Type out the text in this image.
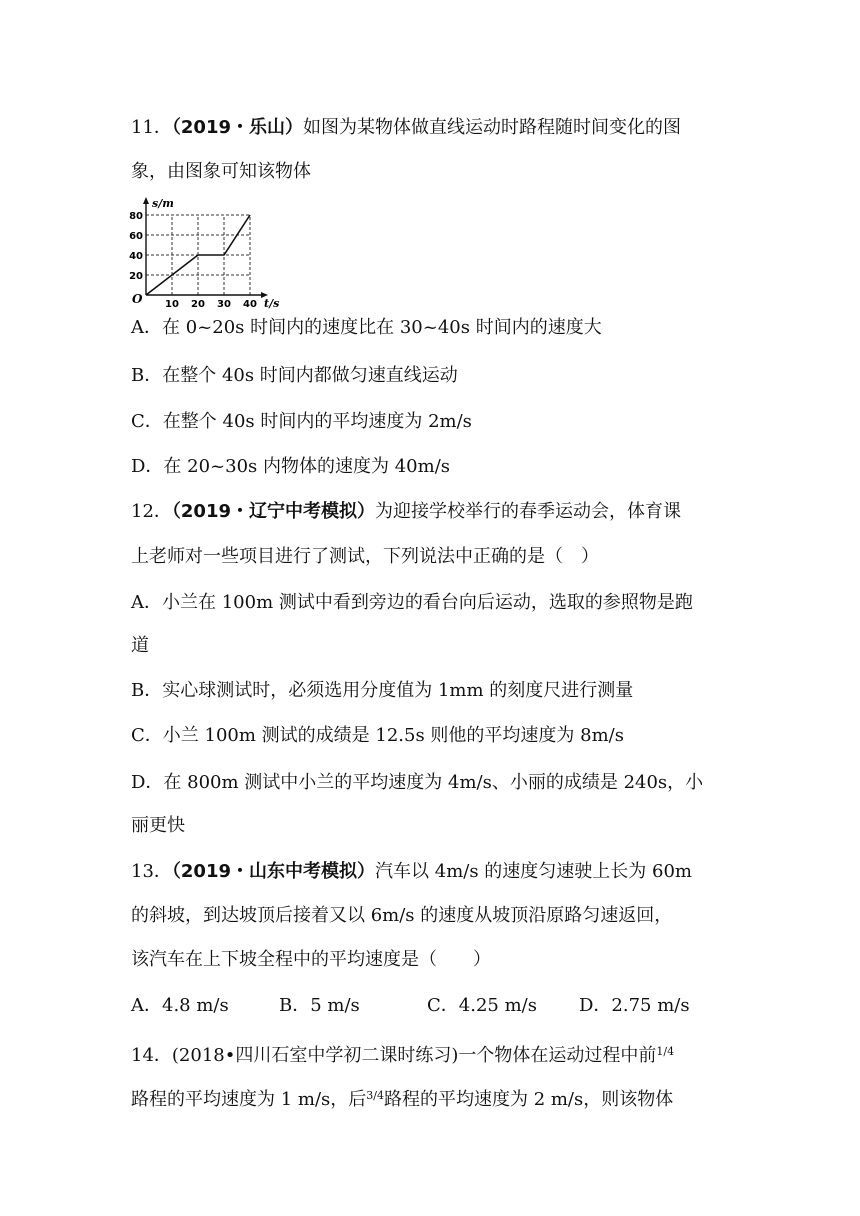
11．（2019・乐山）如图为某物体做直线运动时路程随时间变化的图
象，由图象可知该物体
10 20 30 40
20
40
60
80
s/m
t/s
O
A．在 0~20s 时间内的速度比在 30~40s 时间内的速度大
B．在整个 40s 时间内都做匀速直线运动
C．在整个 40s 时间内的平均速度为 2m/s
D．在 20~30s 内物体的速度为 40m/s
12．（2019・辽宁中考模拟）为迎接学校举行的春季运动会，体育课
上老师对一些项目进行了测试，下列说法中正确的是（　）
A．小兰在 100m 测试中看到旁边的看台向后运动，选取的参照物是跑
道
B．实心球测试时，必须选用分度值为 1mm 的刻度尺进行测量
C．小兰 100m 测试的成绩是 12.5s 则他的平均速度为 8m/s
D．在 800m 测试中小兰的平均速度为 4m/s、小丽的成绩是 240s，小
丽更快
13．（2019・山东中考模拟）汽车以 4m/s 的速度匀速驶上长为 60m
的斜坡，到达坡顶后接着又以 6m/s 的速度从坡顶沿原路匀速返回，
该汽车在上下坡全程中的平均速度是（　　）
A．4.8 m/s	B．5 m/s	C．4.25 m/s D．2.75 m/s
14．(2018•四川石室中学初二课时练习)一个物体在运动过程中前$^{1/4}$
路程的平均速度为 1 m/s，后$^{3/4}$路程的平均速度为 2 m/s，则该物体
